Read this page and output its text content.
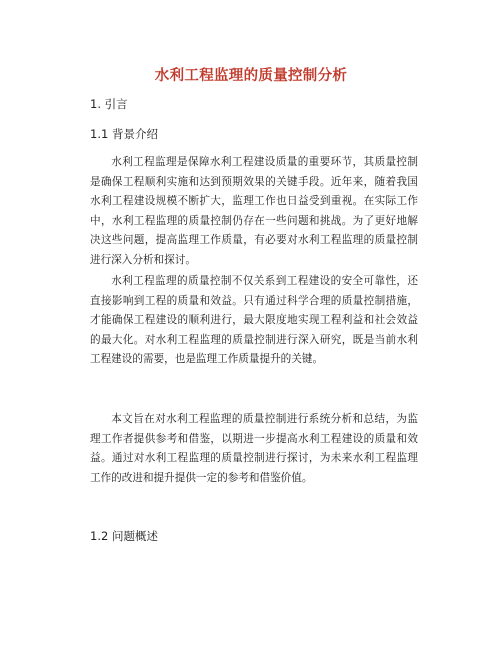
水利工程监理的质量控制分析
1. 引言
1.1 背景介绍

水利工程监理是保障水利工程建设质量的重要环节，其质量控制是确保工程顺利实施和达到预期效果的关键手段。近年来，随着我国水利工程建设规模不断扩大，监理工作也日益受到重视。在实际工作中，水利工程监理的质量控制仍存在一些问题和挑战。为了更好地解决这些问题，提高监理工作质量，有必要对水利工程监理的质量控制进行深入分析和探讨。

水利工程监理的质量控制不仅关系到工程建设的安全可靠性，还直接影响到工程的质量和效益。只有通过科学合理的质量控制措施，才能确保工程建设的顺利进行，最大限度地实现工程利益和社会效益的最大化。对水利工程监理的质量控制进行深入研究，既是当前水利工程建设的需要，也是监理工作质量提升的关键。

本文旨在对水利工程监理的质量控制进行系统分析和总结，为监理工作者提供参考和借鉴，以期进一步提高水利工程建设的质量和效益。通过对水利工程监理的质量控制进行探讨，为未来水利工程监理工作的改进和提升提供一定的参考和借鉴价值。

1.2 问题概述
